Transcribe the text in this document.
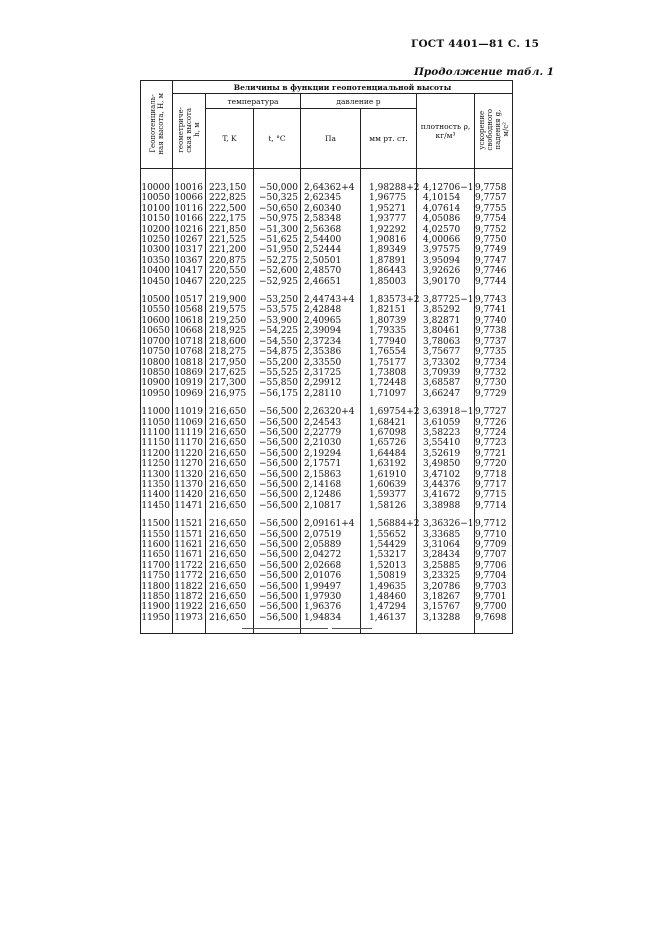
ГОСТ 4401—81 С. 15
Продолжение табл. 1
Геопотенциаль-
ная высота, H, м	Величины в функции геопотенциальной высоты						
	геометриче-
ская высота
h, м	температура		давление p		плотность ρ, кг/м³	ускорение
свободного
падения g,
м/с²
		T, K	t, °C	Па	мм рт. ст.		

10000	10016	223,150	−50,000	2,64362+4	1,98288+2	4,12706−1	9,7758
10050	10066	222,825	−50,325	2,62345	1,96775	4,10154	9,7757
10100	10116	222,500	−50,650	2,60340	1,95271	4,07614	9,7755
10150	10166	222,175	−50,975	2,58348	1,93777	4,05086	9,7754
10200	10216	221,850	−51,300	2,56368	1,92292	4,02570	9,7752
10250	10267	221,525	−51,625	2,54400	1,90816	4,00066	9,7750
10300	10317	221,200	−51,950	2,52444	1,89349	3,97575	9,7749
10350	10367	220,875	−52,275	2,50501	1,87891	3,95094	9,7747
10400	10417	220,550	−52,600	2,48570	1,86443	3,92626	9,7746
10450	10467	220,225	−52,925	2,46651	1,85003	3,90170	9,7744

10500	10517	219,900	−53,250	2,44743+4	1,83573+2	3,87725−1	9,7743
10550	10568	219,575	−53,575	2,42848	1,82151	3,85292	9,7741
10600	10618	219,250	−53,900	2,40965	1,80739	3,82871	9,7740
10650	10668	218,925	−54,225	2,39094	1,79335	3,80461	9,7738
10700	10718	218,600	−54,550	2,37234	1,77940	3,78063	9,7737
10750	10768	218,275	−54,875	2,35386	1,76554	3,75677	9,7735
10800	10818	217,950	−55,200	2,33550	1,75177	3,73302	9,7734
10850	10869	217,625	−55,525	2,31725	1,73808	3,70939	9,7732
10900	10919	217,300	−55,850	2,29912	1,72448	3,68587	9,7730
10950	10969	216,975	−56,175	2,28110	1,71097	3,66247	9,7729

11000	11019	216,650	−56,500	2,26320+4	1,69754+2	3,63918−1	9,7727
11050	11069	216,650	−56,500	2,24543	1,68421	3,61059	9,7726
11100	11119	216,650	−56,500	2,22779	1,67098	3,58223	9,7724
11150	11170	216,650	−56,500	2,21030	1,65726	3,55410	9,7723
11200	11220	216,650	−56,500	2,19294	1,64484	3,52619	9,7721
11250	11270	216,650	−56,500	2,17571	1,63192	3,49850	9,7720
11300	11320	216,650	−56,500	2,15863	1,61910	3,47102	9,7718
11350	11370	216,650	−56,500	2,14168	1,60639	3,44376	9,7717
11400	11420	216,650	−56,500	2,12486	1,59377	3,41672	9,7715
11450	11471	216,650	−56,500	2,10817	1,58126	3,38988	9,7714

11500	11521	216,650	−56,500	2,09161+4	1,56884+2	3,36326−1	9,7712
11550	11571	216,650	−56,500	2,07519	1,55652	3,33685	9,7710
11600	11621	216,650	−56,500	2,05889	1,54429	3,31064	9,7709
11650	11671	216,650	−56,500	2,04272	1,53217	3,28434	9,7707
11700	11722	216,650	−56,500	2,02668	1,52013	3,25885	9,7706
11750	11772	216,650	−56,500	2,01076	1,50819	3,23325	9,7704
11800	11822	216,650	−56,500	1,99497	1,49635	3,20786	9,7703
11850	11872	216,650	−56,500	1,97930	1,48460	3,18267	9,7701
11900	11922	216,650	−56,500	1,96376	1,47294	3,15767	9,7700
11950	11973	216,650	−56,500	1,94834	1,46137	3,13288	9,7698
